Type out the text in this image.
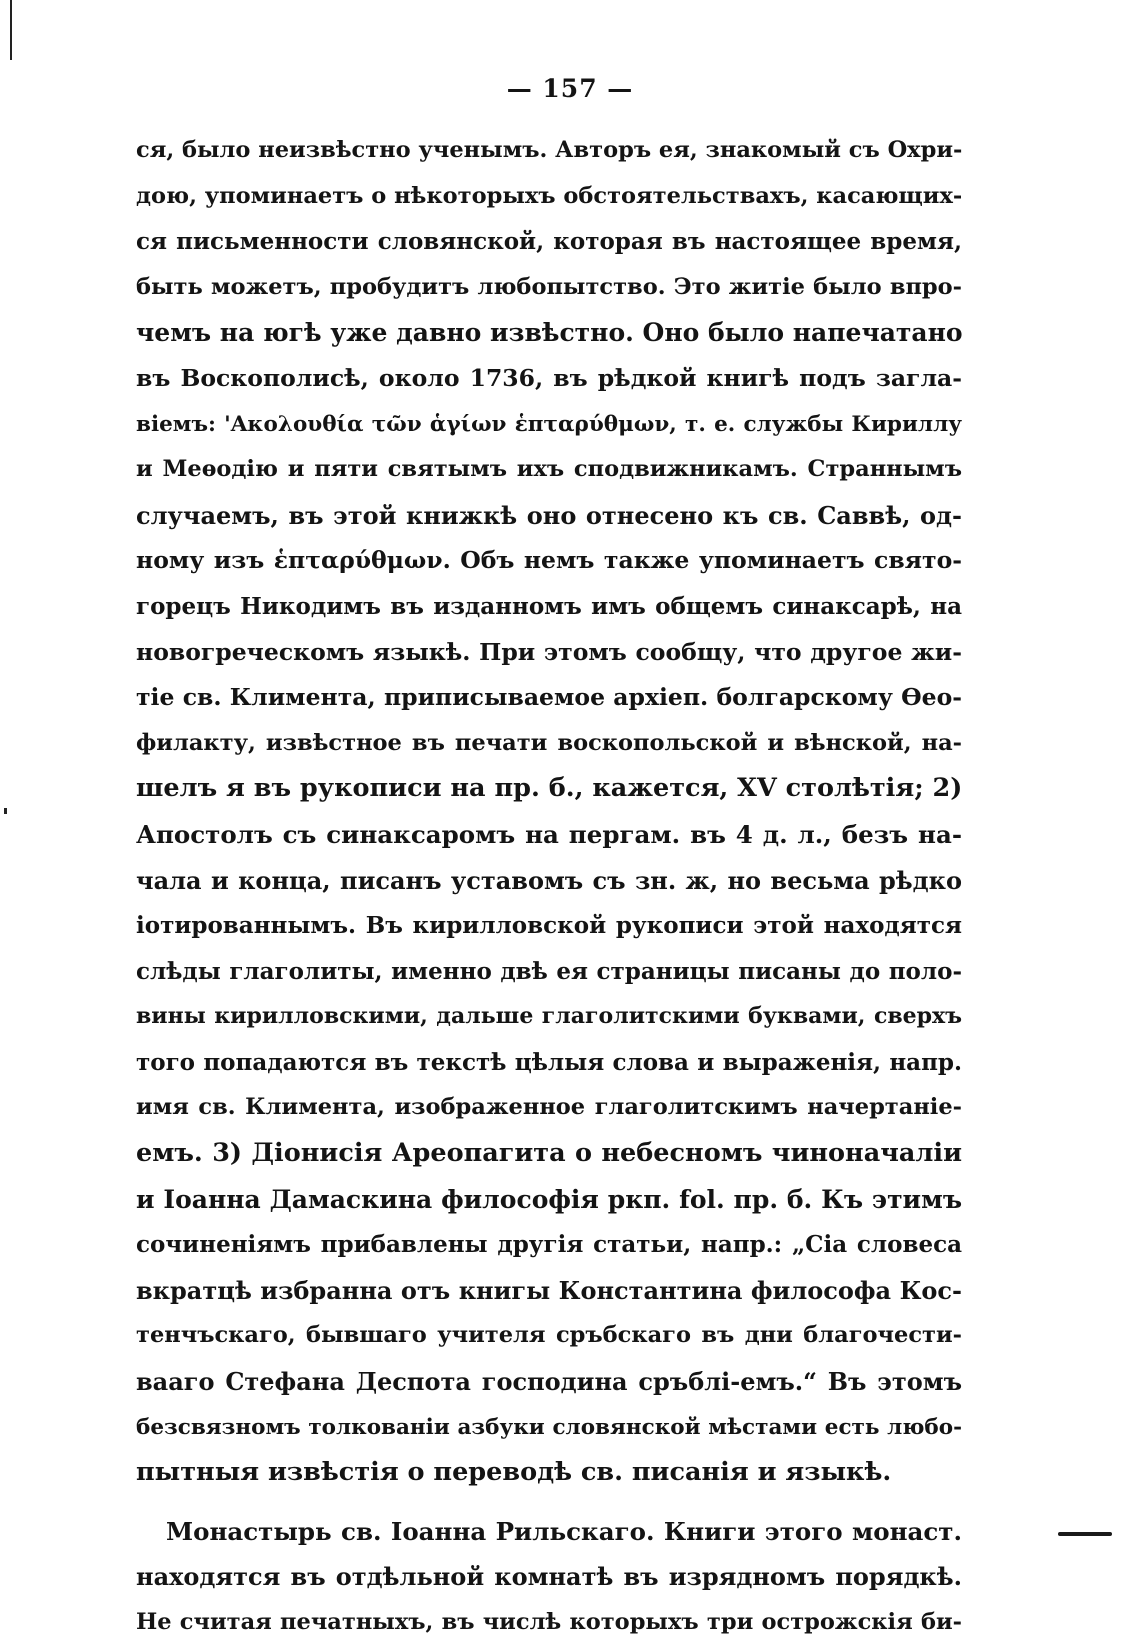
— 157 —
ся, было неизвѣстно ученымъ. Авторъ ея, знакомый съ Охри-
дою, упоминаетъ о нѣкоторыхъ обстоятельствахъ, касающих-
ся письменности словянской, которая въ настоящее время,
быть можетъ, пробудитъ любопытство. Это житіе было впро-
чемъ на югѣ уже давно извѣстно. Оно было напечатано
въ Воскополисѣ, около 1736, въ рѣдкой книгѣ подъ загла-
віемъ: 'Ακολουθία τῶν ἁγίων ἑπταρύθμων, т. е. службы Кириллу
и Меѳодію и пяти святымъ ихъ сподвижникамъ. Страннымъ
случаемъ, въ этой книжкѣ оно отнесено къ св. Саввѣ, од-
ному изъ ἑπταρύθμων. Объ немъ также упоминаетъ свято-
горецъ Никодимъ въ изданномъ имъ общемъ синаксарѣ, на
новогреческомъ языкѣ. При этомъ сообщу, что другое жи-
тіе св. Климента, приписываемое архіеп. болгарскому Ѳео-
филакту, извѣстное въ печати воскопольской и вѣнской, на-
шелъ я въ рукописи на пр. б., кажется, XV столѣтія; 2)
Апостолъ съ синаксаромъ на пергам. въ 4 д. л., безъ на-
чала и конца, писанъ уставомъ съ зн. ж, но весьма рѣдко
іотированнымъ. Въ кирилловской рукописи этой находятся
слѣды глаголиты, именно двѣ ея страницы писаны до поло-
вины кирилловскими, дальше глаголитскими буквами, сверхъ
того попадаются въ текстѣ цѣлыя слова и выраженія, напр.
имя св. Климента, изображенное глаголитскимъ начертаніе-
емъ. 3) Діонисія Ареопагита о небесномъ чиноначаліи
и Іоанна Дамаскина философія ркп. fol. пр. б. Къ этимъ
сочиненіямъ прибавлены другія статьи, напр.: „Сіа словеса
вкратцѣ избранна отъ книгы Константина философа Кос-
тенчъскаго, бывшаго учителя сръбскаго въ дни благочести-
вааго Стефана Деспота господина сръблі-емъ.“ Въ этомъ
безсвязномъ толкованіи азбуки словянской мѣстами есть любо-
пытныя извѣстія о переводѣ св. писанія и языкѣ.
Монастырь св. Іоанна Рильскаго. Книги этого монаст.
находятся въ отдѣльной комнатѣ въ изрядномъ порядкѣ.
Не считая печатныхъ, въ числѣ которыхъ три острожскія би-
